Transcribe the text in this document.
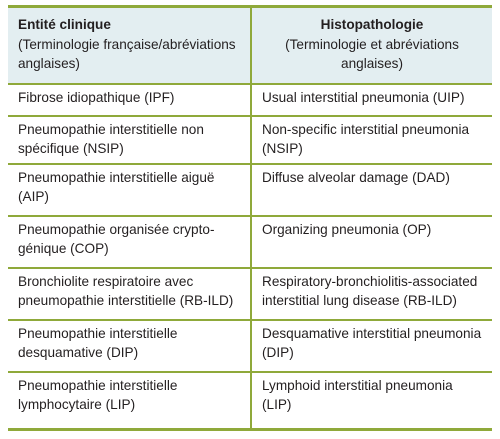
Entité clinique
(Terminologie française/abréviations anglaises)
Histopathologie
(Terminologie et abréviations anglaises)
Fibrose idiopathique (IPF)	Usual interstitial pneumonia (UIP)
Pneumopathie interstitielle non spécifique (NSIP)
Non-specific interstitial pneumonia (NSIP)
Pneumopathie interstitielle aiguë (AIP)
Diffuse alveolar damage (DAD)
Pneumopathie organisée crypto-génique (COP)
Organizing pneumonia (OP)
Bronchiolite respiratoire avec pneumopathie interstitielle (RB-ILD)
Respiratory-bronchiolitis-associated interstitial lung disease (RB-ILD)
Pneumopathie interstitielle desquamative (DIP)
Desquamative interstitial pneumonia (DIP)
Pneumopathie interstitielle lymphocytaire (LIP)
Lymphoid interstitial pneumonia (LIP)
